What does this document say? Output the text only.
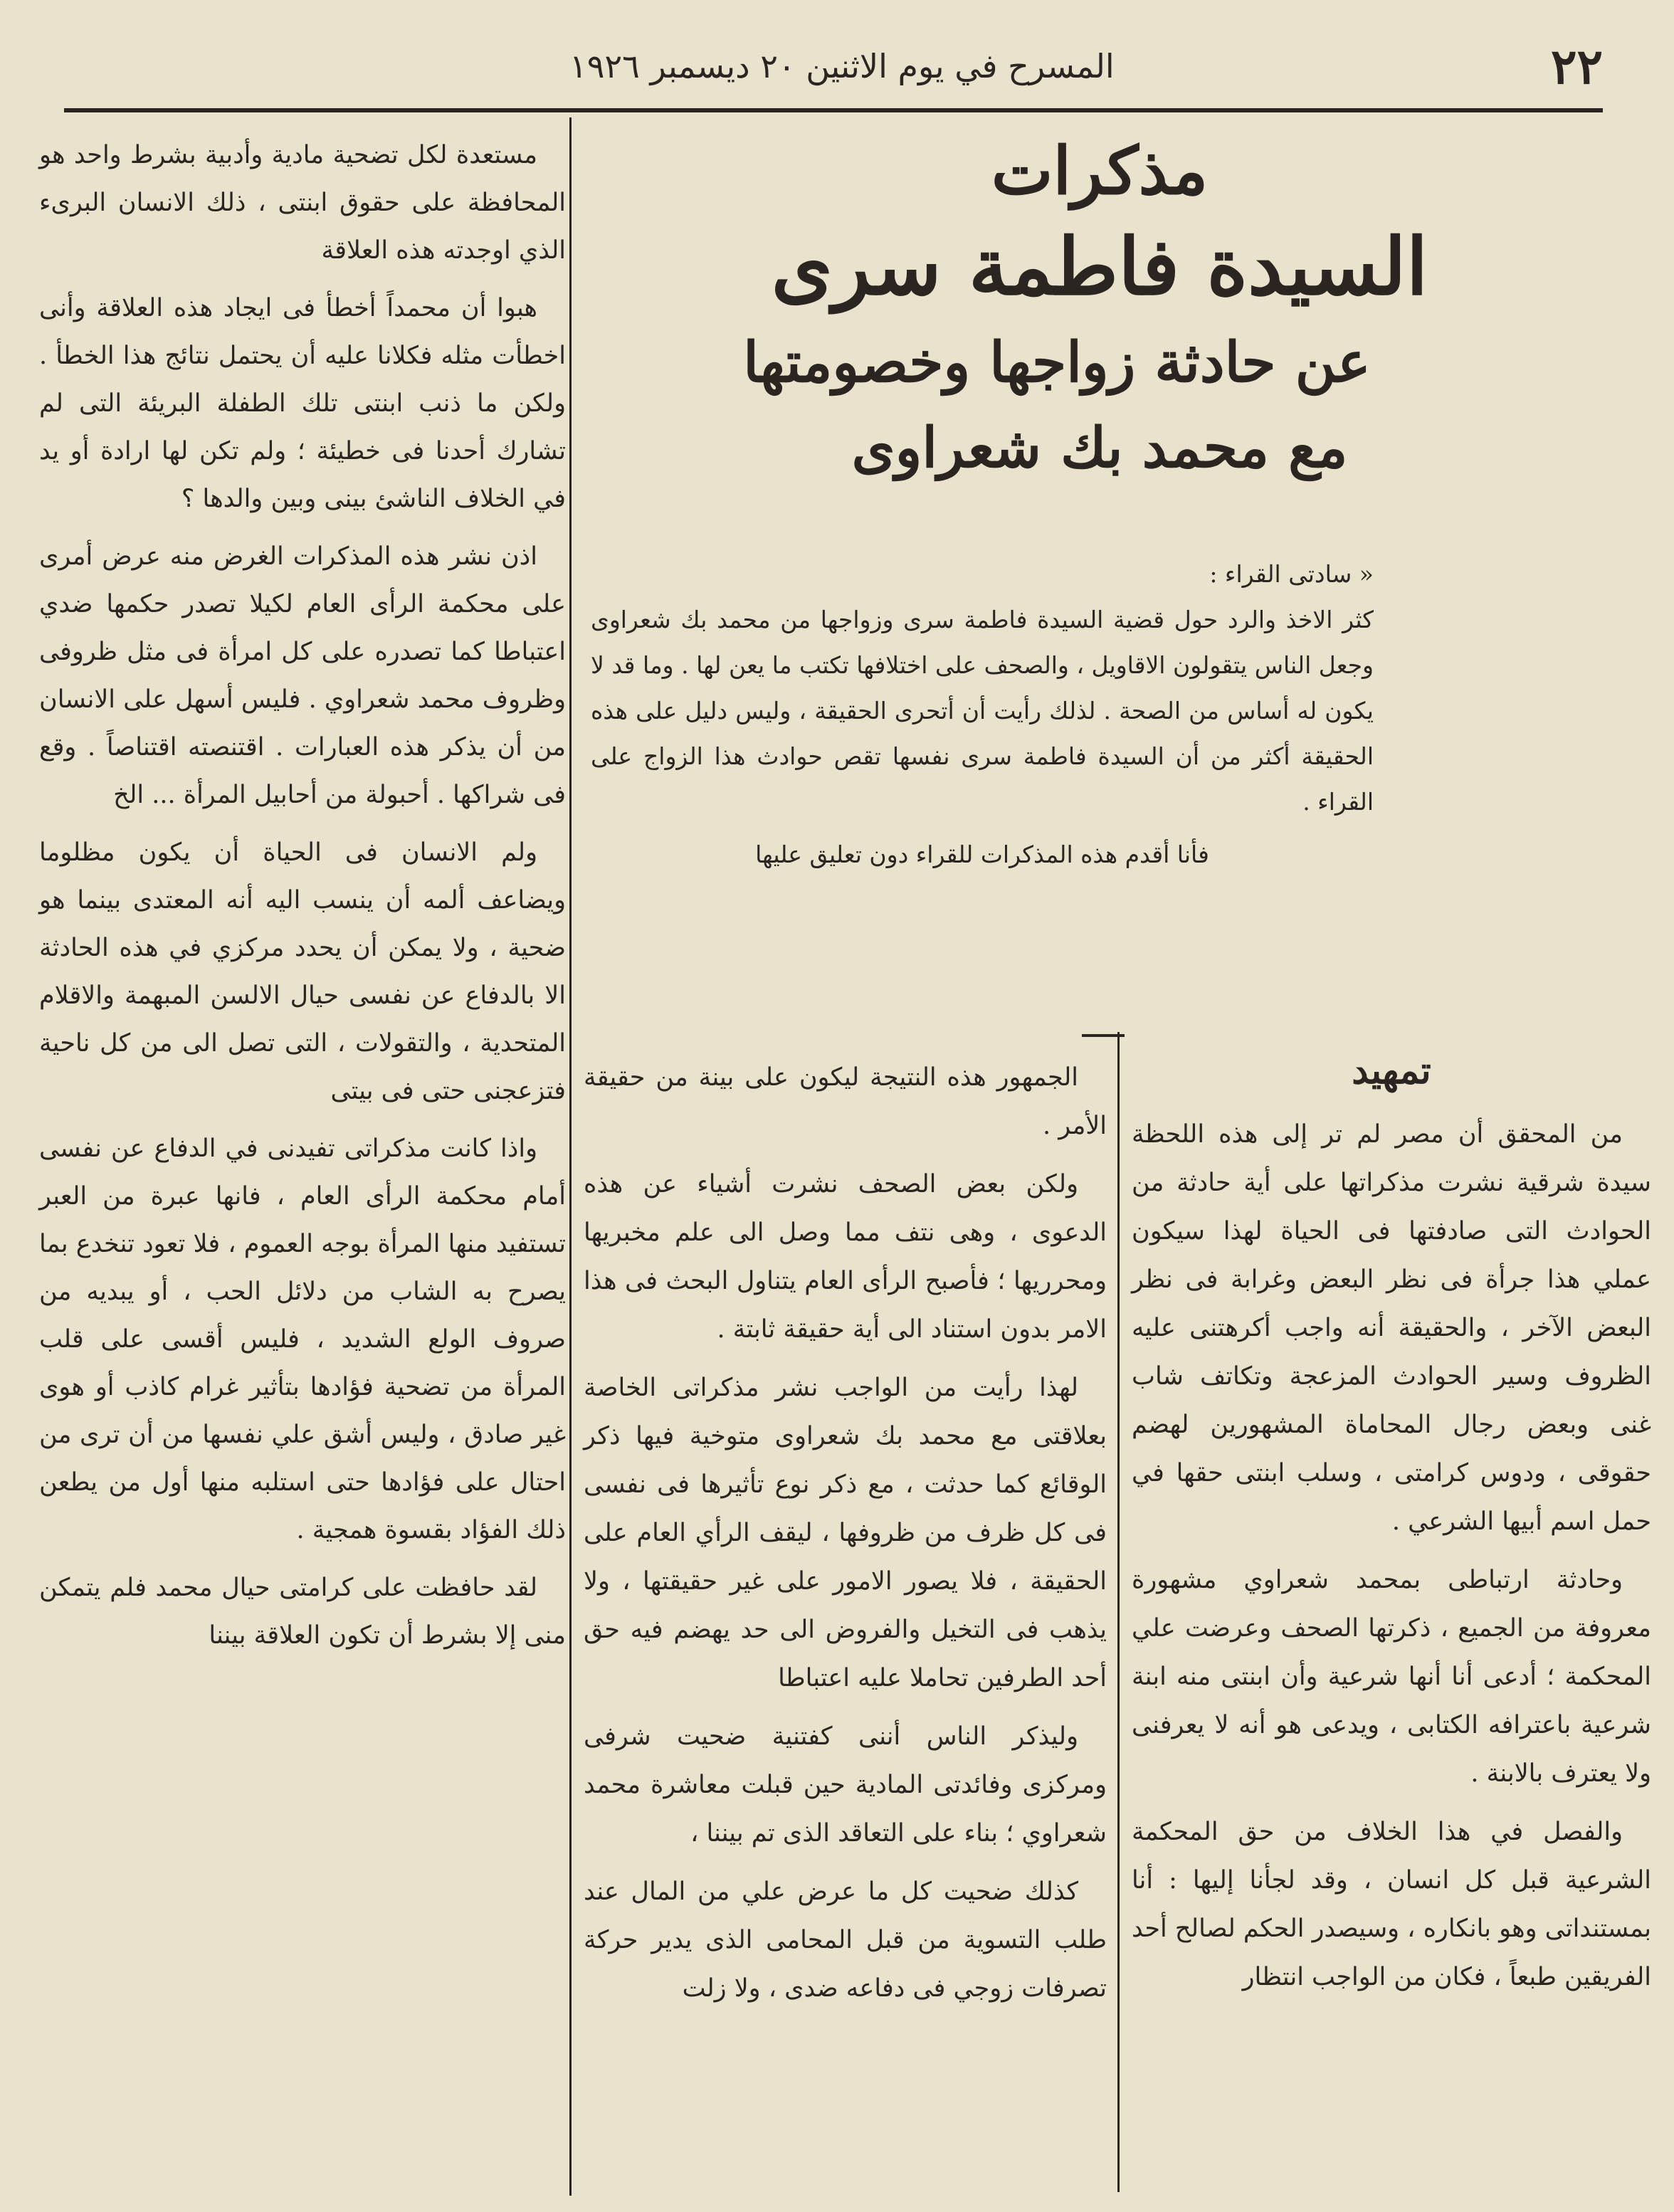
٢٢
المسرح في يوم الاثنين ٢٠ ديسمبر ١٩٢٦

مستعدة لكل تضحية مادية وأدبية بشرط واحد هو المحافظة على حقوق ابنتى ، ذلك الانسان البرىء الذي اوجدته هذه العلاقة

هبوا أن محمداً أخطأ فى ايجاد هذه العلاقة وأنى اخطأت مثله فكلانا عليه أن يحتمل نتائج هذا الخطأ . ولكن ما ذنب ابنتى تلك الطفلة البريئة التى لم تشارك أحدنا فى خطيئة ؛ ولم تكن لها ارادة أو يد في الخلاف الناشئ بينى وبين والدها ؟

اذن نشر هذه المذكرات الغرض منه عرض أمرى على محكمة الرأى العام لكيلا تصدر حكمها ضدي اعتباطا كما تصدره على كل امرأة فى مثل ظروفى وظروف محمد شعراوي . فليس أسهل على الانسان من أن يذكر هذه العبارات . اقتنصته اقتناصاً . وقع فى شراكها . أحبولة من أحابيل المرأة ... الخ

ولم الانسان فى الحياة أن يكون مظلوما ويضاعف ألمه أن ينسب اليه أنه المعتدى بينما هو ضحية ، ولا يمكن أن يحدد مركزي في هذه الحادثة الا بالدفاع عن نفسى حيال الالسن المبهمة والاقلام المتحدية ، والتقولات ، التى تصل الى من كل ناحية فتزعجنى حتى فى بيتى

واذا كانت مذكراتى تفيدنى في الدفاع عن نفسى أمام محكمة الرأى العام ، فانها عبرة من العبر تستفيد منها المرأة بوجه العموم ، فلا تعود تنخدع بما يصرح به الشاب من دلائل الحب ، أو يبديه من صروف الولع الشديد ، فليس أقسى على قلب المرأة من تضحية فؤادها بتأثير غرام كاذب أو هوى غير صادق ، وليس أشق علي نفسها من أن ترى من احتال على فؤادها حتى استلبه منها أول من يطعن ذلك الفؤاد بقسوة همجية .

لقد حافظت على كرامتى حيال محمد فلم يتمكن منى إلا بشرط أن تكون العلاقة بيننا

مذكرات
السيدة فاطمة سرى
عن حادثة زواجها وخصومتها
مع محمد بك شعراوى

« سادتى القراء :

كثر الاخذ والرد حول قضية السيدة فاطمة سرى وزواجها من محمد بك شعراوى وجعل الناس يتقولون الاقاويل ، والصحف على اختلافها تكتب ما يعن لها . وما قد لا يكون له أساس من الصحة . لذلك رأيت أن أتحرى الحقيقة ، وليس دليل على هذه الحقيقة أكثر من أن السيدة فاطمة سرى نفسها تقص حوادث هذا الزواج على القراء .

فأنا أقدم هذه المذكرات للقراء دون تعليق عليها

الجمهور هذه النتيجة ليكون على بينة من حقيقة الأمر .

ولكن بعض الصحف نشرت أشياء عن هذه الدعوى ، وهى نتف مما وصل الى علم مخبريها ومحرريها ؛ فأصبح الرأى العام يتناول البحث فى هذا الامر بدون استناد الى أية حقيقة ثابتة .

لهذا رأيت من الواجب نشر مذكراتى الخاصة بعلاقتى مع محمد بك شعراوى متوخية فيها ذكر الوقائع كما حدثت ، مع ذكر نوع تأثيرها فى نفسى فى كل ظرف من ظروفها ، ليقف الرأي العام على الحقيقة ، فلا يصور الامور على غير حقيقتها ، ولا يذهب فى التخيل والفروض الى حد يهضم فيه حق أحد الطرفين تحاملا عليه اعتباطا

وليذكر الناس أننى كفتنية ضحيت شرفى ومركزى وفائدتى المادية حين قبلت معاشرة محمد شعراوي ؛ بناء على التعاقد الذى تم بيننا ،

كذلك ضحيت كل ما عرض علي من المال عند طلب التسوية من قبل المحامى الذى يدير حركة تصرفات زوجي فى دفاعه ضدى ، ولا زلت

تمهيد

من المحقق أن مصر لم تر إلى هذه اللحظة سيدة شرقية نشرت مذكراتها على أية حادثة من الحوادث التى صادفتها فى الحياة لهذا سيكون عملي هذا جرأة فى نظر البعض وغرابة فى نظر البعض الآخر ، والحقيقة أنه واجب أكرهتنى عليه الظروف وسير الحوادث المزعجة وتكاتف شاب غنى وبعض رجال المحاماة المشهورين لهضم حقوقى ، ودوس كرامتى ، وسلب ابنتى حقها في حمل اسم أبيها الشرعي .

وحادثة ارتباطى بمحمد شعراوي مشهورة معروفة من الجميع ، ذكرتها الصحف وعرضت علي المحكمة ؛ أدعى أنا أنها شرعية وأن ابنتى منه ابنة شرعية باعترافه الكتابى ، ويدعى هو أنه لا يعرفنى ولا يعترف بالابنة .

والفصل في هذا الخلاف من حق المحكمة الشرعية قبل كل انسان ، وقد لجأنا إليها : أنا بمستنداتى وهو بانكاره ، وسيصدر الحكم لصالح أحد الفريقين طبعاً ، فكان من الواجب انتظار
